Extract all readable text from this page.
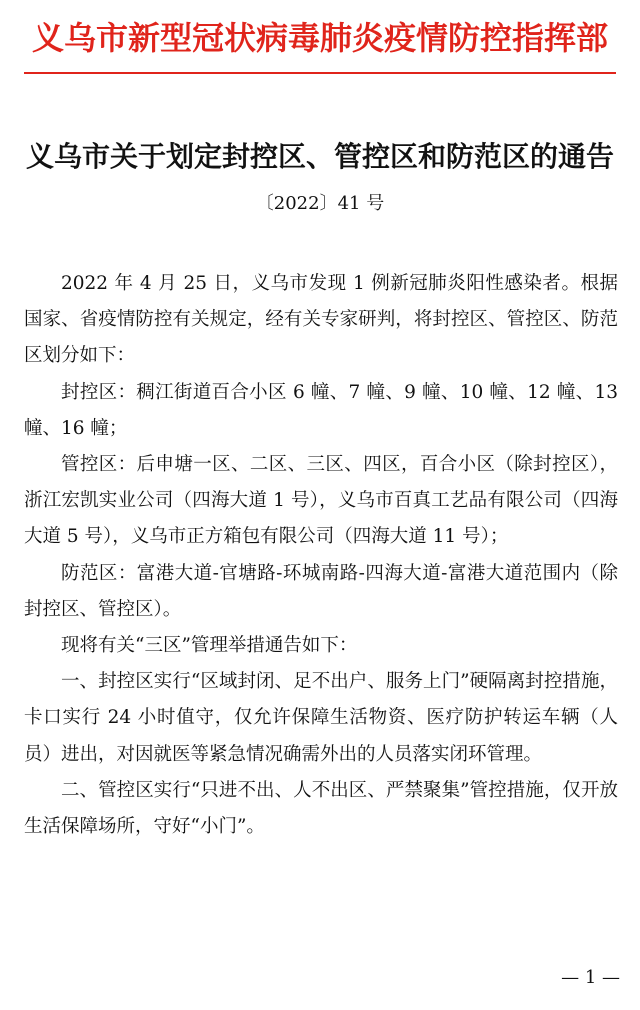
义乌市新型冠状病毒肺炎疫情防控指挥部
义乌市关于划定封控区、管控区和防范区的通告
〔2022〕41 号

2022 年 4 月 25 日，义乌市发现 1 例新冠肺炎阳性感染者。根据国家、省疫情防控有关规定，经有关专家研判，将封控区、管控区、防范区划分如下：

封控区：稠江街道百合小区 6 幢、7 幢、9 幢、10 幢、12 幢、13 幢、16 幢；

管控区：后申塘一区、二区、三区、四区，百合小区（除封控区），浙江宏凯实业公司（四海大道 1 号），义乌市百真工艺品有限公司（四海大道 5 号），义乌市正方箱包有限公司（四海大道 11 号）；

防范区：富港大道-官塘路-环城南路-四海大道-富港大道范围内（除封控区、管控区）。

现将有关“三区”管理举措通告如下：

一、封控区实行“区域封闭、足不出户、服务上门”硬隔离封控措施，卡口实行 24 小时值守，仅允许保障生活物资、医疗防护转运车辆（人员）进出，对因就医等紧急情况确需外出的人员落实闭环管理。

二、管控区实行“只进不出、人不出区、严禁聚集”管控措施，仅开放生活保障场所，守好“小门”。

— 1 —
